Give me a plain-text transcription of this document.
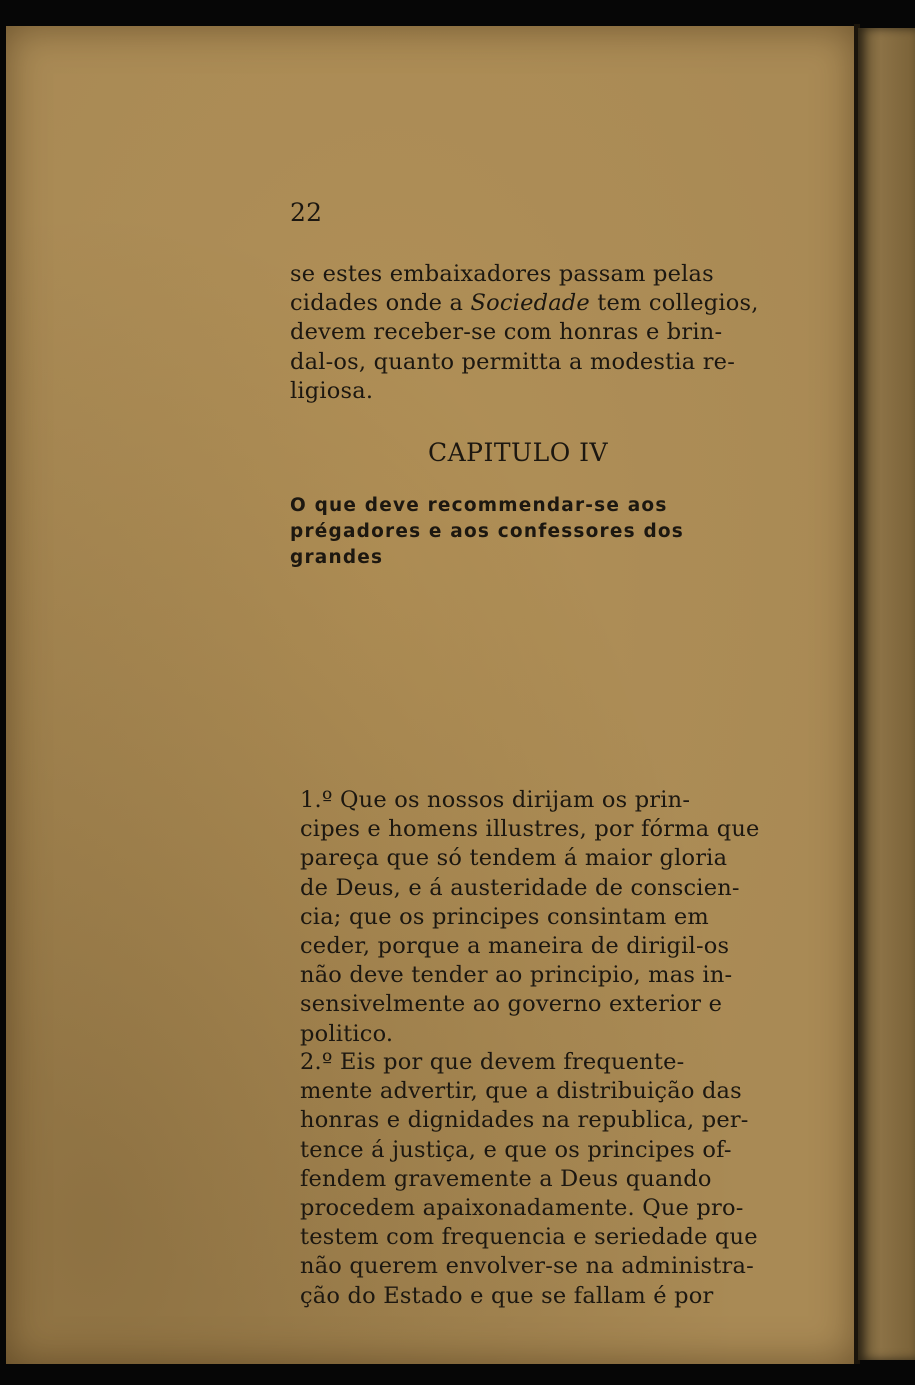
22
se estes embaixadores passam pelas
cidades onde a Sociedade tem collegios,
devem receber-se com honras e brin-
dal-os, quanto permitta a modestia re-
ligiosa.
CAPITULO IV
O que deve recommendar-se aos
prégadores e aos confessores dos
grandes
1.º Que os nossos dirijam os prin-
cipes e homens illustres, por fórma que
pareça que só tendem á maior gloria
de Deus, e á austeridade de conscien-
cia; que os principes consintam em
ceder, porque a maneira de dirigil-os
não deve tender ao principio, mas in-
sensivelmente ao governo exterior e
politico.
2.º Eis por que devem frequente-
mente advertir, que a distribuição das
honras e dignidades na republica, per-
tence á justiça, e que os principes of-
fendem gravemente a Deus quando
procedem apaixonadamente. Que pro-
testem com frequencia e seriedade que
não querem envolver-se na administra-
ção do Estado e que se fallam é por
